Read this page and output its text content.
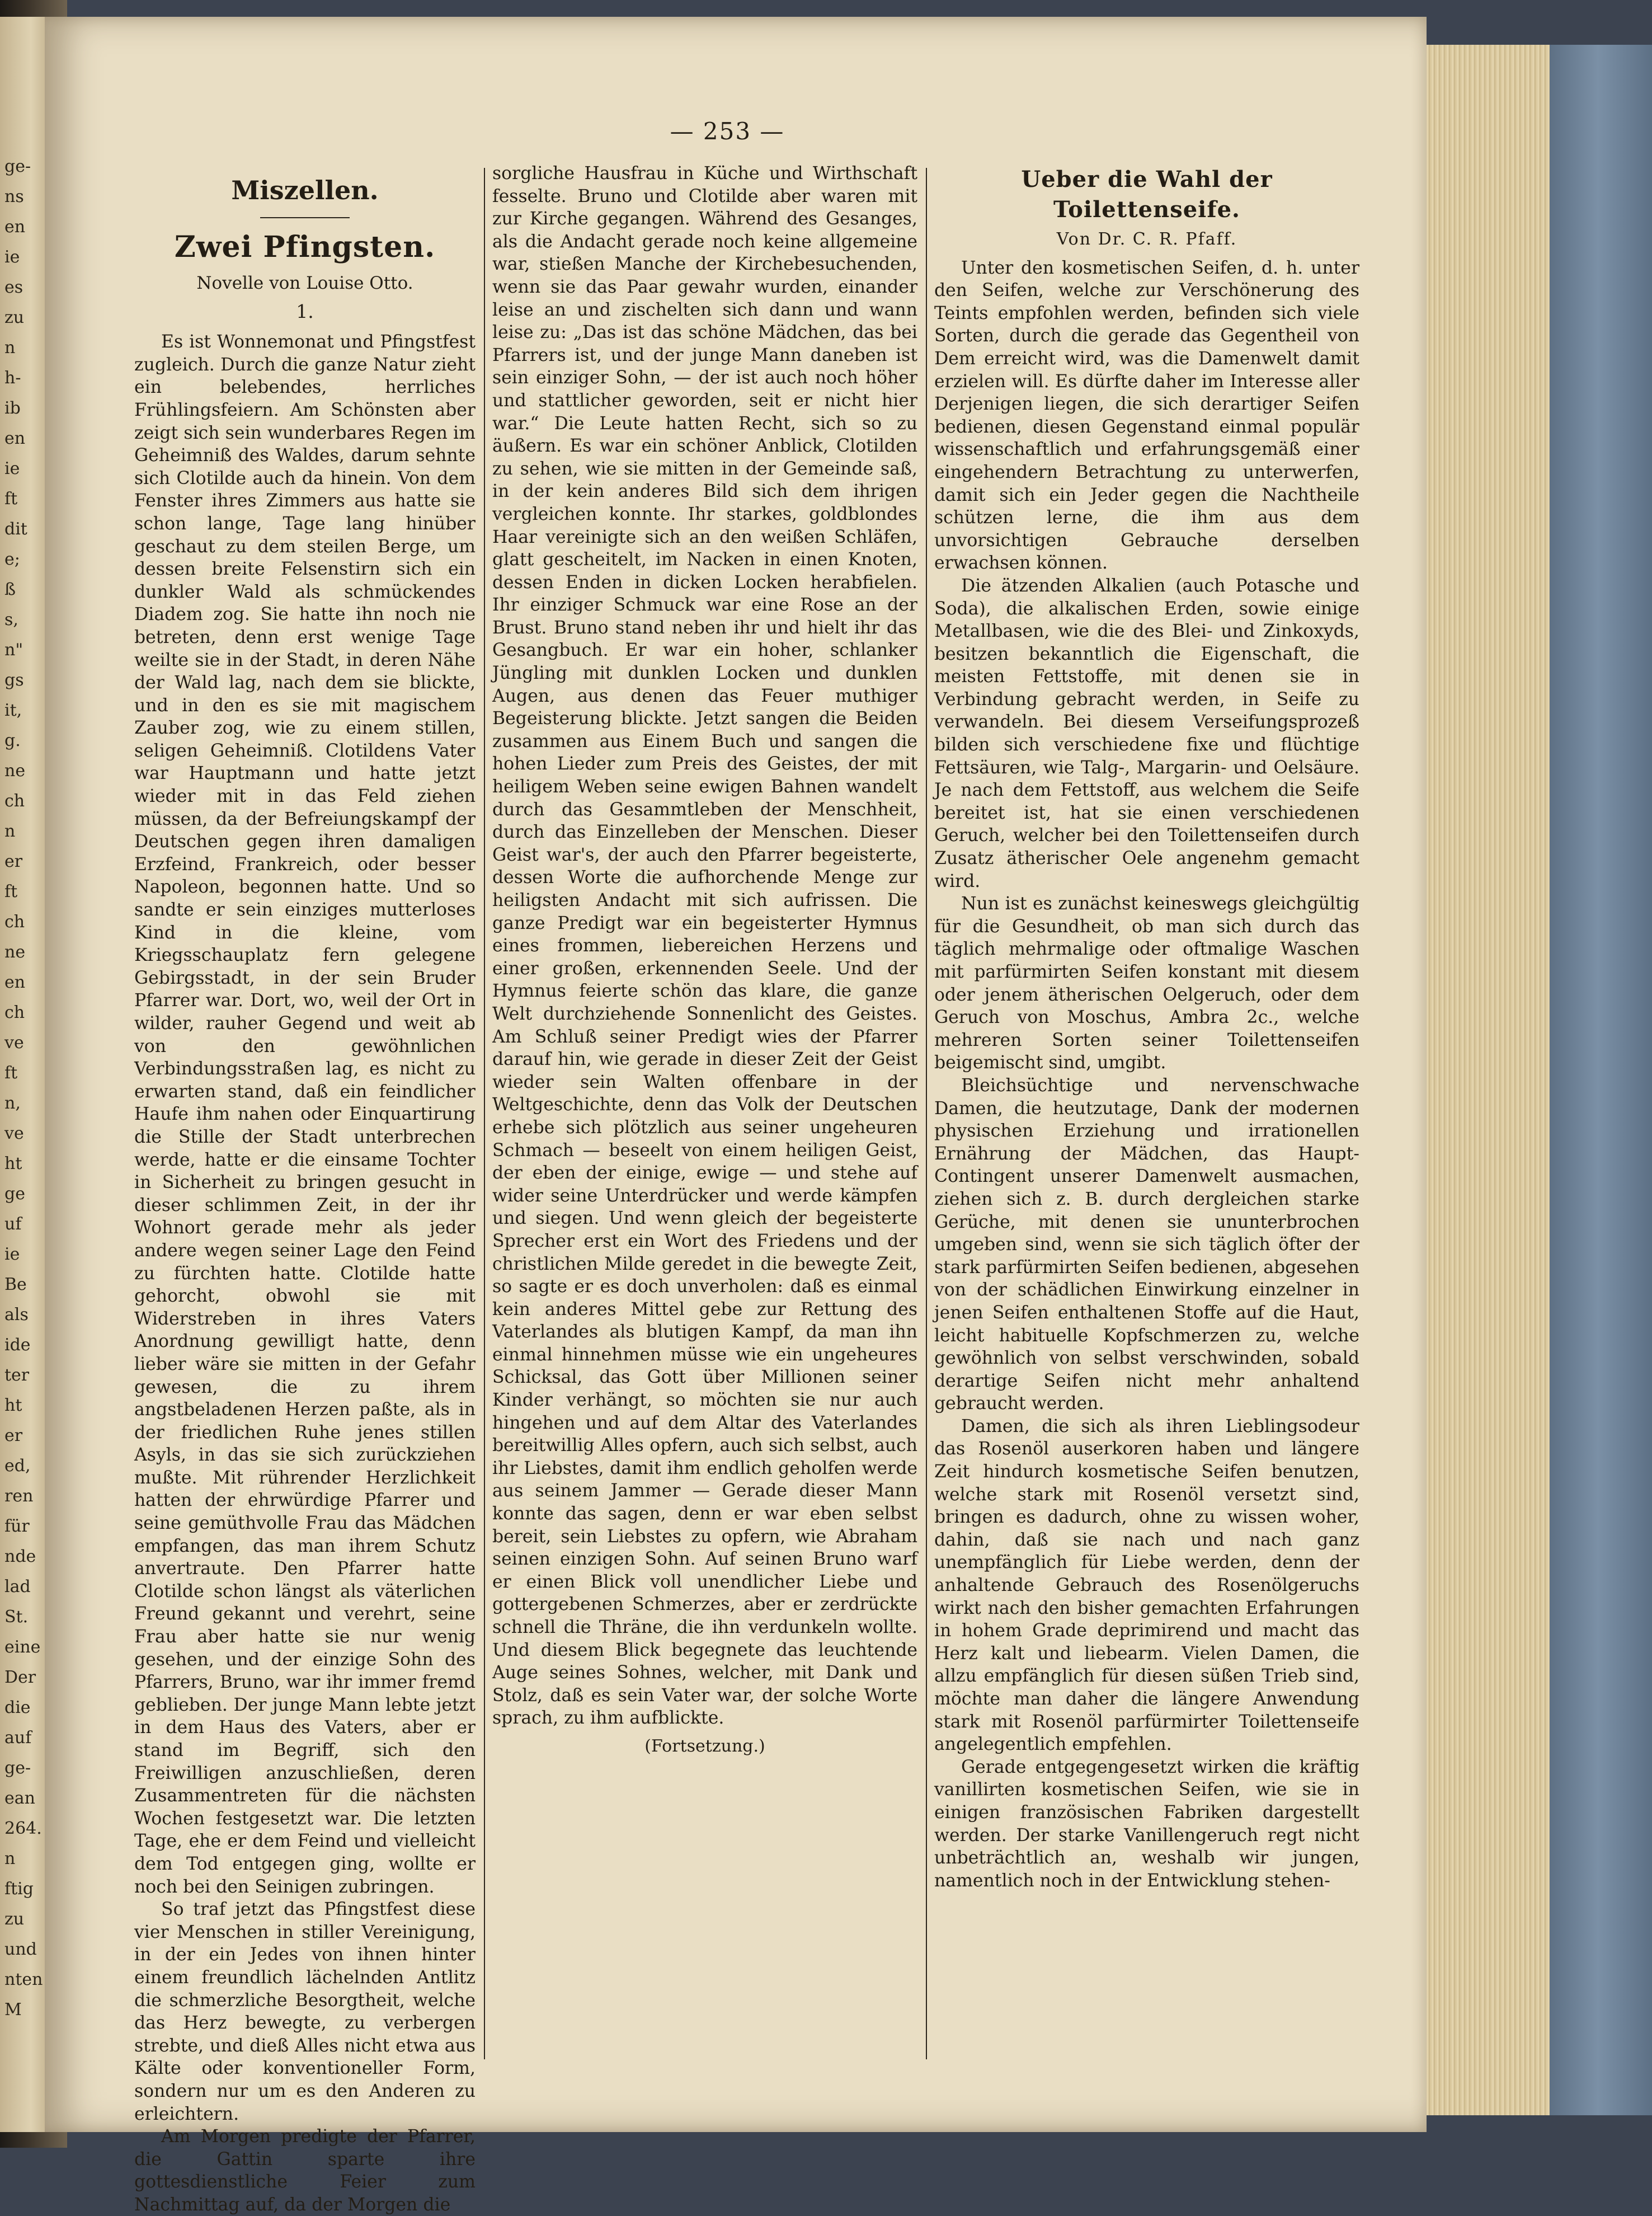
ge-
ns
en
ie
es
zu
n
h-
ib
en
ie
ft
dit
e;
ß
s,
n"
gs
it,
g.
ne
ch
n
er
ft
ch
ne
en
ch
ve
ft
n,
ve
ht
ge
uf
ie
Be
als
ide
ter
ht
er
ed,
ren
für
nde
lad
St.
eine
Der
die
auf
ge-
ean
264.
n
ftig
zu
und
nten
M
— 253 —
Miszellen.
Zwei Pfingsten.
Novelle von Louise Otto.
1.

Es ist Wonnemonat und Pfingstfest zugleich. Durch die ganze Natur zieht ein belebendes, herrliches Frühlingsfeiern. Am Schönsten aber zeigt sich sein wunderbares Regen im Geheimniß des Waldes, darum sehnte sich Clotilde auch da hinein. Von dem Fenster ihres Zimmers aus hatte sie schon lange, Tage lang hinüber geschaut zu dem steilen Berge, um dessen breite Felsenstirn sich ein dunkler Wald als schmückendes Diadem zog. Sie hatte ihn noch nie betreten, denn erst wenige Tage weilte sie in der Stadt, in deren Nähe der Wald lag, nach dem sie blickte, und in den es sie mit magischem Zauber zog, wie zu einem stillen, seligen Geheimniß. Clotildens Vater war Hauptmann und hatte jetzt wieder mit in das Feld ziehen müssen, da der Befreiungskampf der Deutschen gegen ihren damaligen Erzfeind, Frankreich, oder besser Napoleon, begonnen hatte. Und so sandte er sein einziges mutterloses Kind in die kleine, vom Kriegsschauplatz fern gelegene Gebirgsstadt, in der sein Bruder Pfarrer war. Dort, wo, weil der Ort in wilder, rauher Gegend und weit ab von den gewöhnlichen Verbindungsstraßen lag, es nicht zu erwarten stand, daß ein feindlicher Haufe ihm nahen oder Einquartirung die Stille der Stadt unterbrechen werde, hatte er die einsame Tochter in Sicherheit zu bringen gesucht in dieser schlimmen Zeit, in der ihr Wohnort gerade mehr als jeder andere wegen seiner Lage den Feind zu fürchten hatte. Clotilde hatte gehorcht, obwohl sie mit Widerstreben in ihres Vaters Anordnung gewilligt hatte, denn lieber wäre sie mitten in der Gefahr gewesen, die zu ihrem angstbeladenen Herzen paßte, als in der friedlichen Ruhe jenes stillen Asyls, in das sie sich zurückziehen mußte. Mit rührender Herzlichkeit hatten der ehrwürdige Pfarrer und seine gemüthvolle Frau das Mädchen empfangen, das man ihrem Schutz anvertraute. Den Pfarrer hatte Clotilde schon längst als väterlichen Freund gekannt und verehrt, seine Frau aber hatte sie nur wenig gesehen, und der einzige Sohn des Pfarrers, Bruno, war ihr immer fremd geblieben. Der junge Mann lebte jetzt in dem Haus des Vaters, aber er stand im Begriff, sich den Freiwilligen anzuschließen, deren Zusammentreten für die nächsten Wochen festgesetzt war. Die letzten Tage, ehe er dem Feind und vielleicht dem Tod entgegen ging, wollte er noch bei den Seinigen zubringen.

So traf jetzt das Pfingstfest diese vier Menschen in stiller Vereinigung, in der ein Jedes von ihnen hinter einem freundlich lächelnden Antlitz die schmerzliche Besorgtheit, welche das Herz bewegte, zu verbergen strebte, und dieß Alles nicht etwa aus Kälte oder konventioneller Form, sondern nur um es den Anderen zu erleichtern.

Am Morgen predigte der Pfarrer, die Gattin sparte ihre gottesdienstliche Feier zum Nachmittag auf, da der Morgen die

sorgliche Hausfrau in Küche und Wirthschaft fesselte. Bruno und Clotilde aber waren mit zur Kirche gegangen. Während des Gesanges, als die Andacht gerade noch keine allgemeine war, stießen Manche der Kirchebesuchenden, wenn sie das Paar gewahr wurden, einander leise an und zischelten sich dann und wann leise zu: „Das ist das schöne Mädchen, das bei Pfarrers ist, und der junge Mann daneben ist sein einziger Sohn, — der ist auch noch höher und stattlicher geworden, seit er nicht hier war.“ Die Leute hatten Recht, sich so zu äußern. Es war ein schöner Anblick, Clotilden zu sehen, wie sie mitten in der Gemeinde saß, in der kein anderes Bild sich dem ihrigen vergleichen konnte. Ihr starkes, goldblondes Haar vereinigte sich an den weißen Schläfen, glatt gescheitelt, im Nacken in einen Knoten, dessen Enden in dicken Locken herabfielen. Ihr einziger Schmuck war eine Rose an der Brust. Bruno stand neben ihr und hielt ihr das Gesangbuch. Er war ein hoher, schlanker Jüngling mit dunklen Locken und dunklen Augen, aus denen das Feuer muthiger Begeisterung blickte. Jetzt sangen die Beiden zusammen aus Einem Buch und sangen die hohen Lieder zum Preis des Geistes, der mit heiligem Weben seine ewigen Bahnen wandelt durch das Gesammtleben der Menschheit, durch das Einzelleben der Menschen. Dieser Geist war's, der auch den Pfarrer begeisterte, dessen Worte die aufhorchende Menge zur heiligsten Andacht mit sich aufrissen. Die ganze Predigt war ein begeisterter Hymnus eines frommen, liebereichen Herzens und einer großen, erkennenden Seele. Und der Hymnus feierte schön das klare, die ganze Welt durchziehende Sonnenlicht des Geistes. Am Schluß seiner Predigt wies der Pfarrer darauf hin, wie gerade in dieser Zeit der Geist wieder sein Walten offenbare in der Weltgeschichte, denn das Volk der Deutschen erhebe sich plötzlich aus seiner ungeheuren Schmach — beseelt von einem heiligen Geist, der eben der einige, ewige — und stehe auf wider seine Unterdrücker und werde kämpfen und siegen. Und wenn gleich der begeisterte Sprecher erst ein Wort des Friedens und der christlichen Milde geredet in die bewegte Zeit, so sagte er es doch unverholen: daß es einmal kein anderes Mittel gebe zur Rettung des Vaterlandes als blutigen Kampf, da man ihn einmal hinnehmen müsse wie ein ungeheures Schicksal, das Gott über Millionen seiner Kinder verhängt, so möchten sie nur auch hingehen und auf dem Altar des Vaterlandes bereitwillig Alles opfern, auch sich selbst, auch ihr Liebstes, damit ihm endlich geholfen werde aus seinem Jammer — Gerade dieser Mann konnte das sagen, denn er war eben selbst bereit, sein Liebstes zu opfern, wie Abraham seinen einzigen Sohn. Auf seinen Bruno warf er einen Blick voll unendlicher Liebe und gottergebenen Schmerzes, aber er zerdrückte schnell die Thräne, die ihn verdunkeln wollte. Und diesem Blick begegnete das leuchtende Auge seines Sohnes, welcher, mit Dank und Stolz, daß es sein Vater war, der solche Worte sprach, zu ihm aufblickte.

(Fortsetzung.)
Ueber die Wahl der Toilettenseife.
Von Dr. C. R. Pfaff.

Unter den kosmetischen Seifen, d. h. unter den Seifen, welche zur Verschönerung des Teints empfohlen werden, befinden sich viele Sorten, durch die gerade das Gegentheil von Dem erreicht wird, was die Damenwelt damit erzielen will. Es dürfte daher im Interesse aller Derjenigen liegen, die sich derartiger Seifen bedienen, diesen Gegenstand einmal populär wissenschaftlich und erfahrungsgemäß einer eingehendern Betrachtung zu unterwerfen, damit sich ein Jeder gegen die Nachtheile schützen lerne, die ihm aus dem unvorsichtigen Gebrauche derselben erwachsen können.

Die ätzenden Alkalien (auch Potasche und Soda), die alkalischen Erden, sowie einige Metallbasen, wie die des Blei- und Zinkoxyds, besitzen bekanntlich die Eigenschaft, die meisten Fettstoffe, mit denen sie in Verbindung gebracht werden, in Seife zu verwandeln. Bei diesem Verseifungsprozeß bilden sich verschiedene fixe und flüchtige Fettsäuren, wie Talg-, Margarin- und Oelsäure. Je nach dem Fettstoff, aus welchem die Seife bereitet ist, hat sie einen verschiedenen Geruch, welcher bei den Toilettenseifen durch Zusatz ätherischer Oele angenehm gemacht wird.

Nun ist es zunächst keineswegs gleichgültig für die Gesundheit, ob man sich durch das täglich mehrmalige oder oftmalige Waschen mit parfürmirten Seifen konstant mit diesem oder jenem ätherischen Oelgeruch, oder dem Geruch von Moschus, Ambra 2c., welche mehreren Sorten seiner Toilettenseifen beigemischt sind, umgibt.

Bleichsüchtige und nervenschwache Damen, die heutzutage, Dank der modernen physischen Erziehung und irrationellen Ernährung der Mädchen, das Haupt-Contingent unserer Damenwelt ausmachen, ziehen sich z. B. durch dergleichen starke Gerüche, mit denen sie ununterbrochen umgeben sind, wenn sie sich täglich öfter der stark parfürmirten Seifen bedienen, abgesehen von der schädlichen Einwirkung einzelner in jenen Seifen enthaltenen Stoffe auf die Haut, leicht habituelle Kopfschmerzen zu, welche gewöhnlich von selbst verschwinden, sobald derartige Seifen nicht mehr anhaltend gebraucht werden.

Damen, die sich als ihren Lieblingsodeur das Rosenöl auserkoren haben und längere Zeit hindurch kosmetische Seifen benutzen, welche stark mit Rosenöl versetzt sind, bringen es dadurch, ohne zu wissen woher, dahin, daß sie nach und nach ganz unempfänglich für Liebe werden, denn der anhaltende Gebrauch des Rosenölgeruchs wirkt nach den bisher gemachten Erfahrungen in hohem Grade deprimirend und macht das Herz kalt und liebearm. Vielen Damen, die allzu empfänglich für diesen süßen Trieb sind, möchte man daher die längere Anwendung stark mit Rosenöl parfürmirter Toilettenseife angelegentlich empfehlen.

Gerade entgegengesetzt wirken die kräftig vanillirten kosmetischen Seifen, wie sie in einigen französischen Fabriken dargestellt werden. Der starke Vanillengeruch regt nicht unbeträchtlich an, weshalb wir jungen, namentlich noch in der Entwicklung stehen-
